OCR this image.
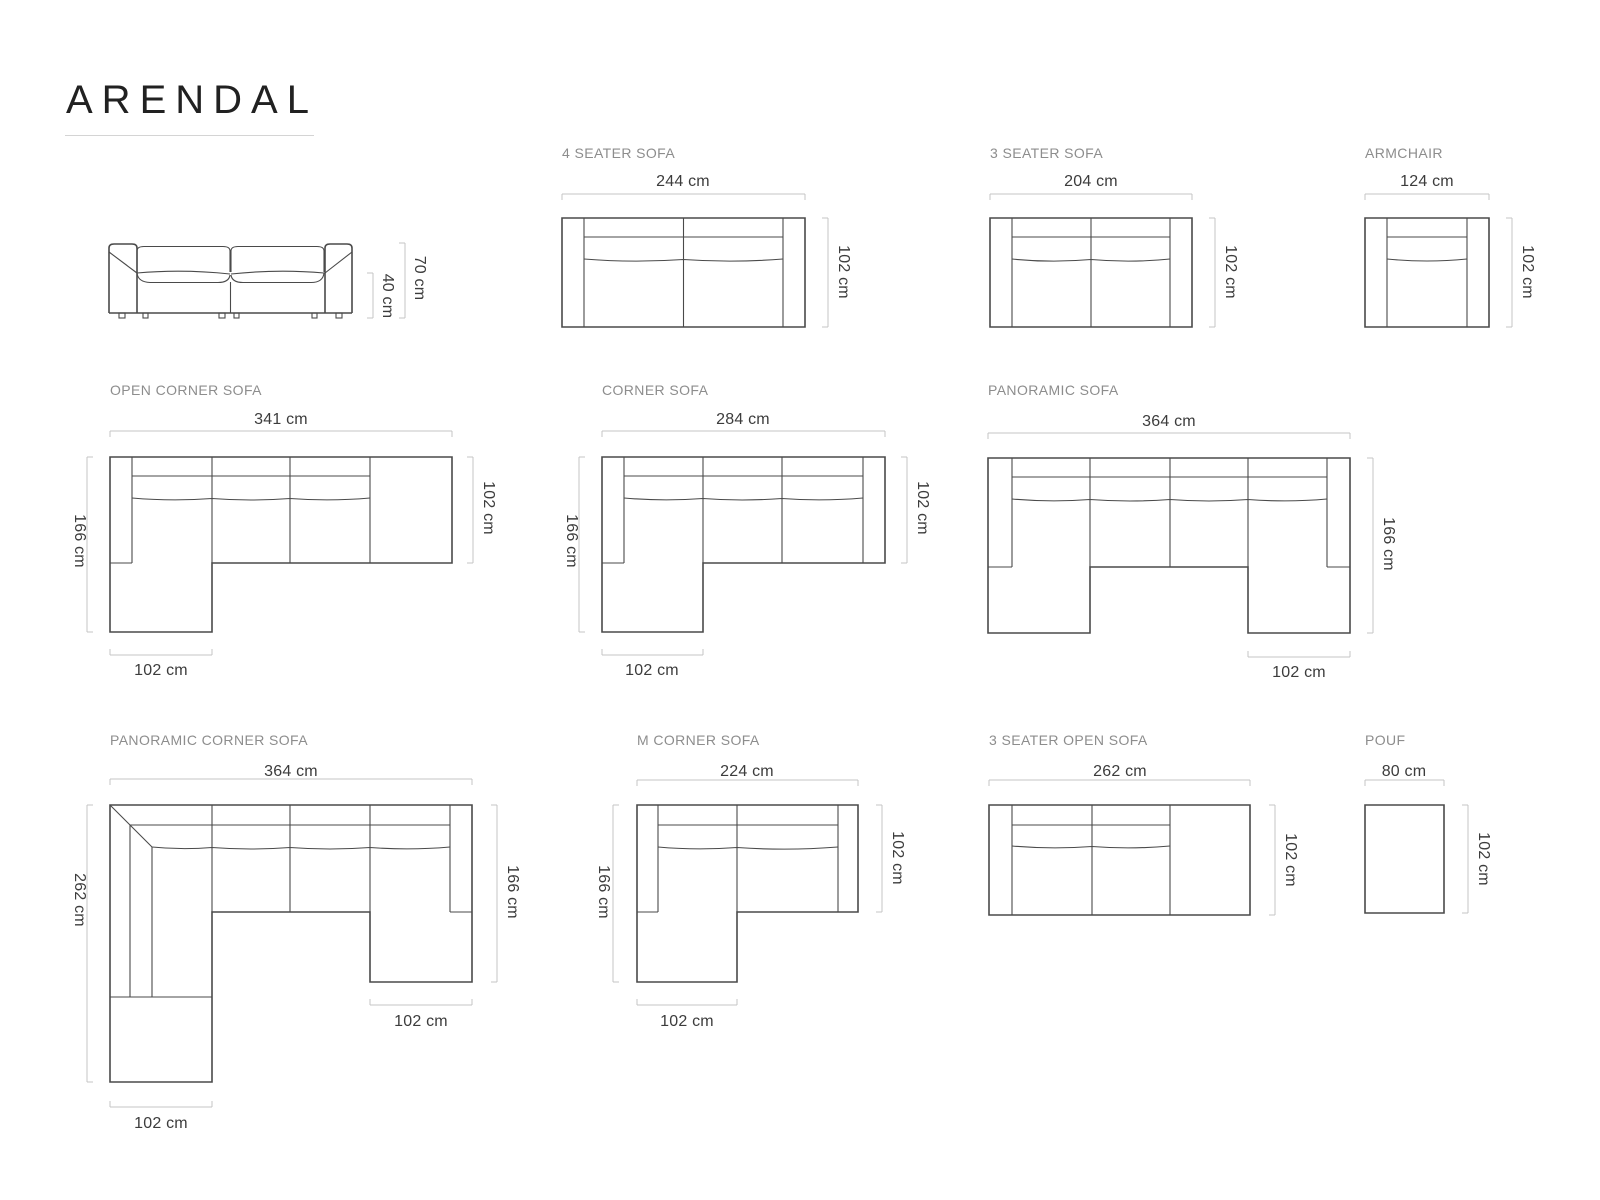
ARENDAL
40 cm 70 cm
4 SEATER SOFA
244 cm
102 cm
3 SEATER SOFA
204 cm
102 cm
ARMCHAIR
124 cm
102 cm
OPEN CORNER SOFA
341 cm
166 cm
102 cm
102 cm
CORNER SOFA
284 cm
166 cm
102 cm
102 cm
PANORAMIC SOFA
364 cm
166 cm
102 cm
PANORAMIC CORNER SOFA
364 cm
262 cm	166 cm
102 cm
102 cm
M CORNER SOFA
224 cm
166 cm
102 cm
102 cm
3 SEATER OPEN SOFA
262 cm
102 cm
POUF
80 cm
102 cm
